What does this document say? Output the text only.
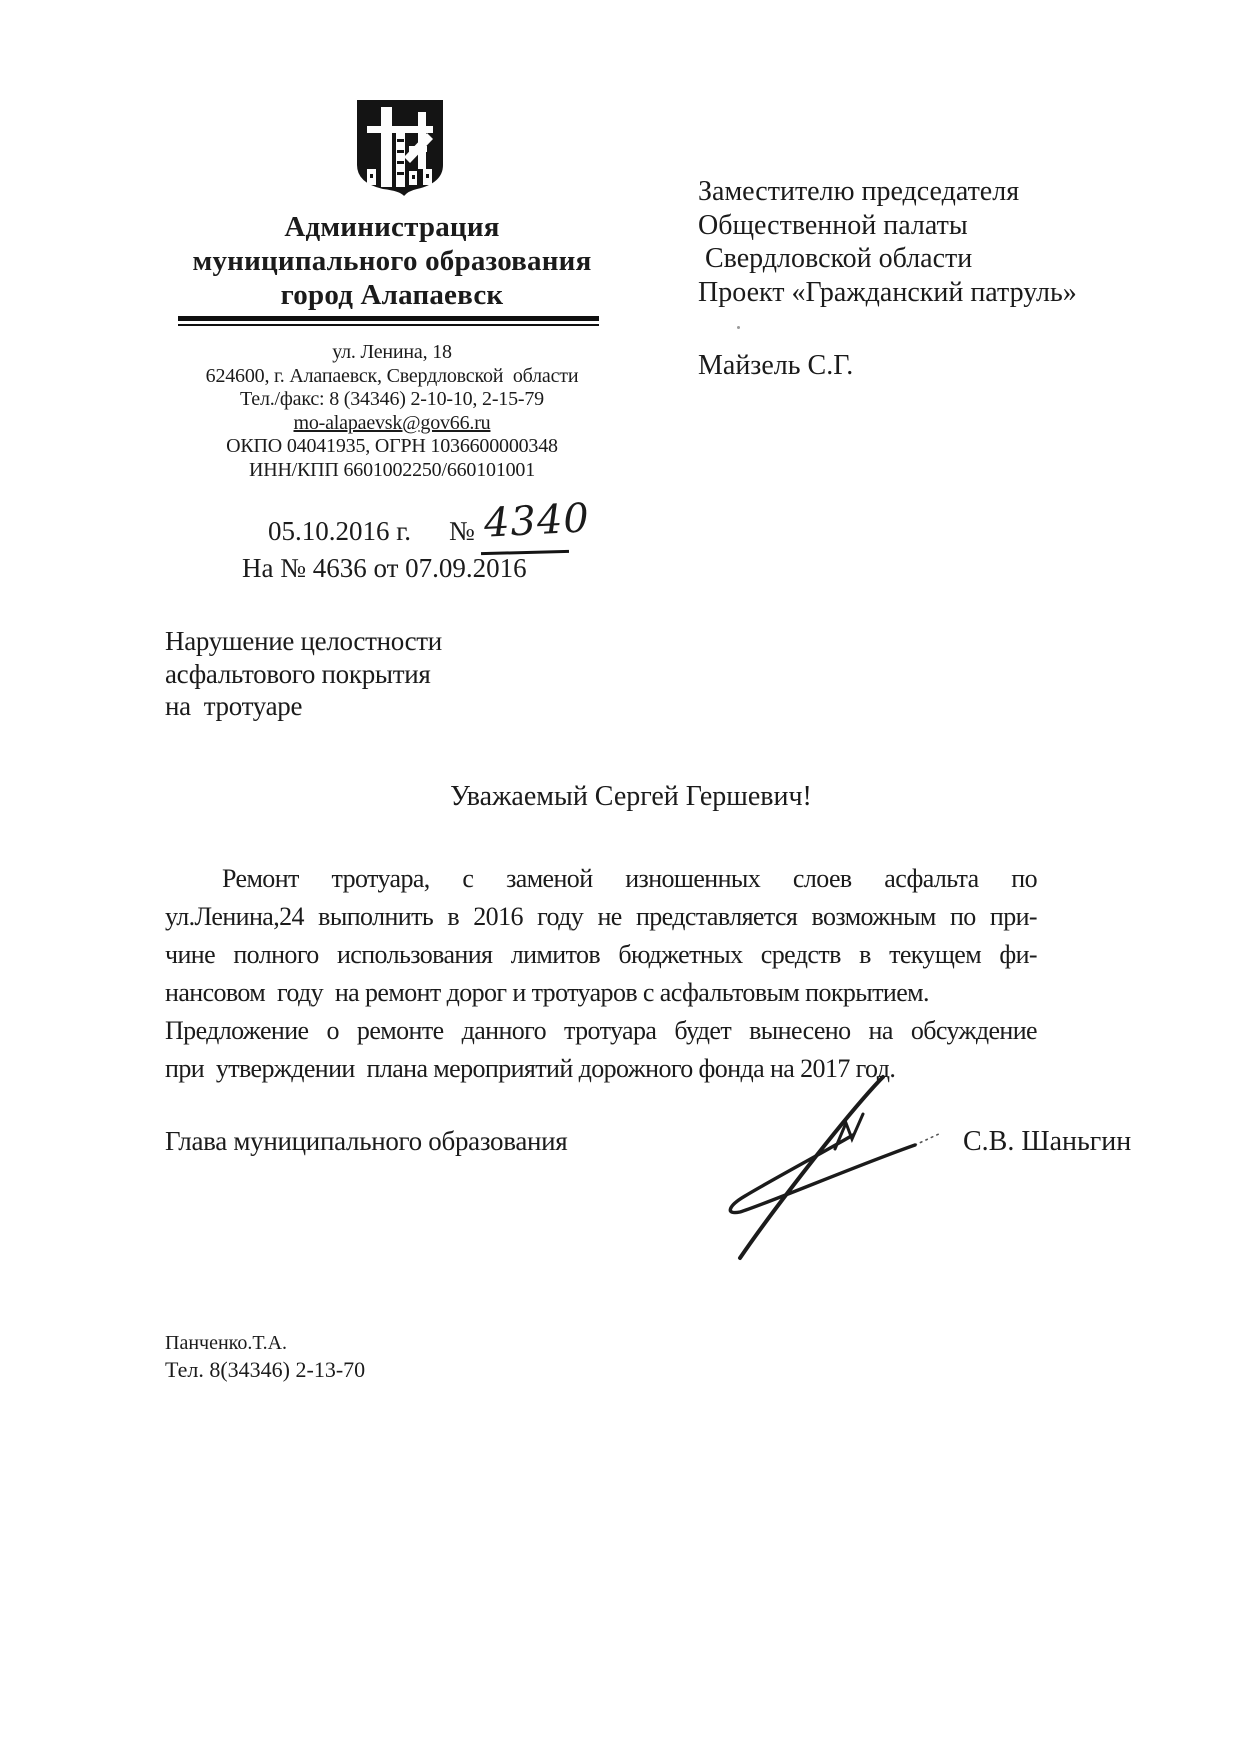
Администрация
муниципального образования
город Алапаевск
ул. Ленина, 18
624600, г. Алапаевск, Свердловской  области
Тел./факс: 8 (34346) 2-10-10, 2-15-79
mo-alapaevsk@gov66.ru
ОКПО 04041935, ОГРН 1036600000348
ИНН/КПП 6601002250/660101001
05.10.2016 г. № 4340
На № 4636 от 07.09.2016
Заместителю председателя
Общественной палаты
Свердловской области
Проект «Гражданский патруль»
Майзель С.Г.
Нарушение целостности
асфальтового покрытия
на  тротуаре
Уважаемый Сергей Гершевич!
Ремонт тротуара, с заменой изношенных слоев асфальта по
ул.Ленина,24 выполнить в 2016 году не представляется возможным по при-
чине полного использования лимитов бюджетных средств в текущем фи-
нансовом  году  на ремонт дорог и тротуаров с асфальтовым покрытием.
Предложение о ремонте данного тротуара будет вынесено на обсуждение
при  утверждении  плана мероприятий дорожного фонда на 2017 год.
Глава муниципального образования	С.В. Шаньгин
Панченко.Т.А.
Тел. 8(34346) 2-13-70
